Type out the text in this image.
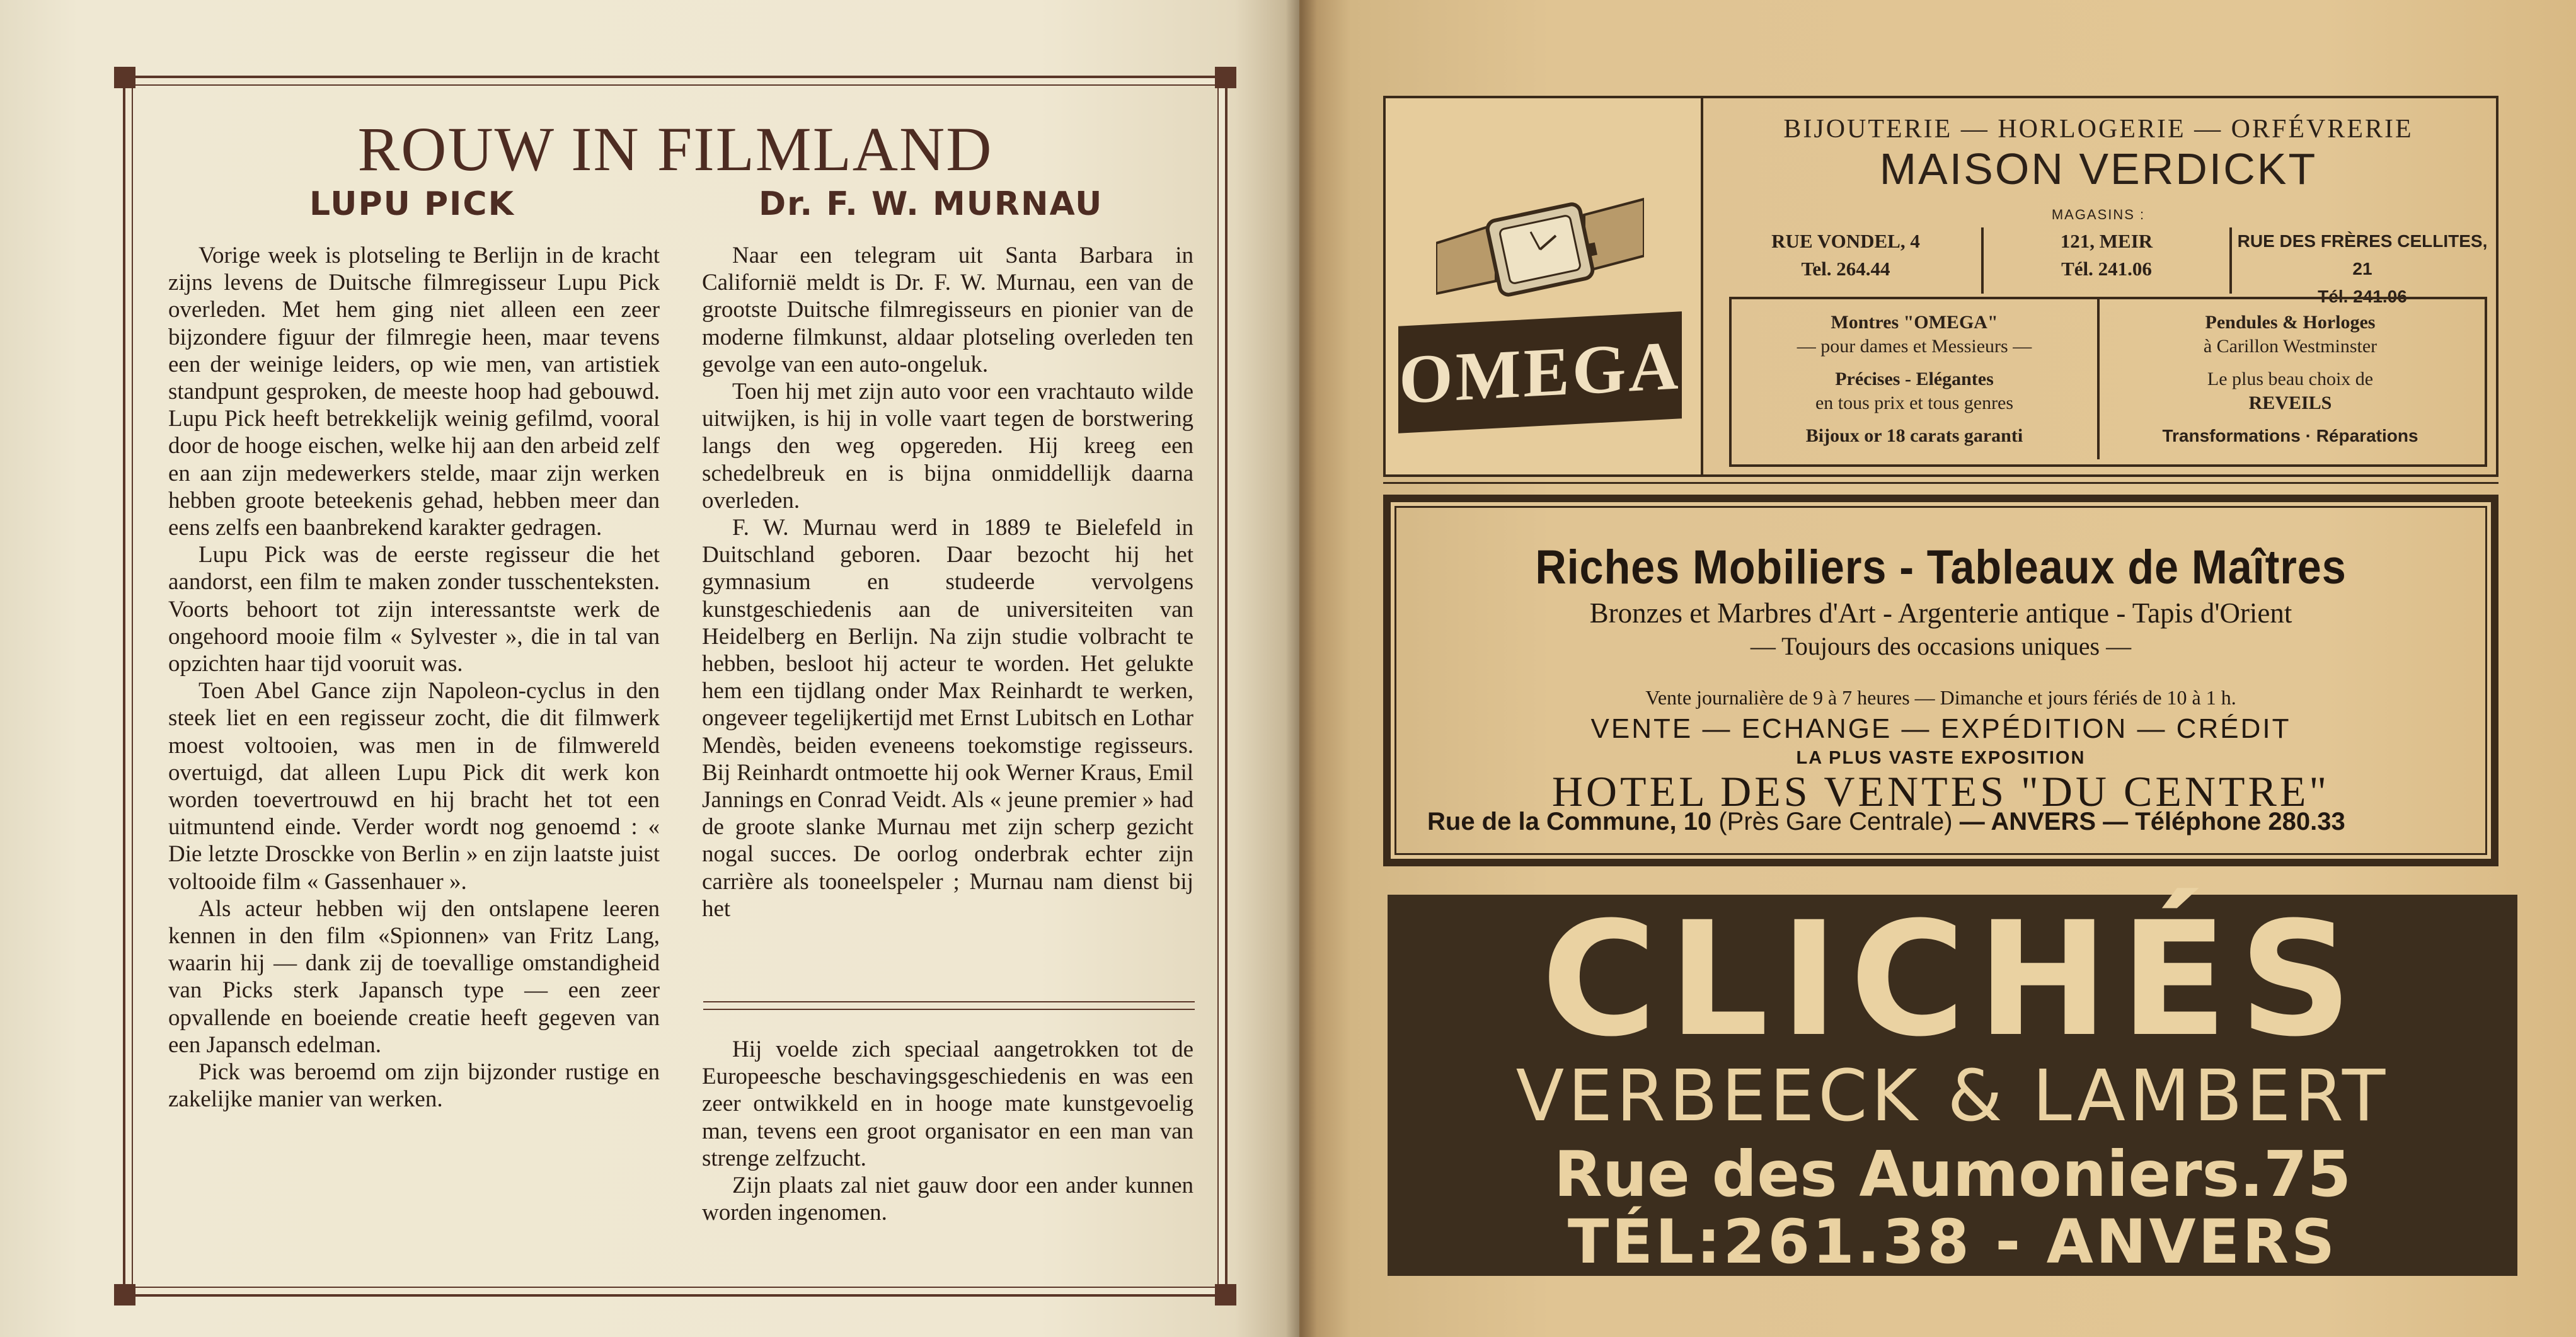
ROUW IN FILMLAND
LUPU PICK	Dr. F. W. MURNAU

Vorige week is plotseling te Berlijn in de kracht zijns levens de Duitsche filmregisseur Lupu Pick overleden. Met hem ging niet alleen een zeer bijzondere figuur der filmregie heen, maar tevens een der weinige leiders, op wie men, van artistiek standpunt gesproken, de meeste hoop had gebouwd. Lupu Pick heeft betrekkelijk weinig gefilmd, vooral door de hooge eischen, welke hij aan den arbeid zelf en aan zijn medewerkers stelde, maar zijn werken hebben groote beteekenis gehad, hebben meer dan eens zelfs een baanbrekend karakter gedragen.

Lupu Pick was de eerste regisseur die het aandorst, een film te maken zonder tusschenteksten. Voorts behoort tot zijn interessantste werk de ongehoord mooie film « Sylvester », die in tal van opzichten haar tijd vooruit was.

Toen Abel Gance zijn Napoleon-cyclus in den steek liet en een regisseur zocht, die dit filmwerk moest voltooien, was men in de filmwereld overtuigd, dat alleen Lupu Pick dit werk kon worden toevertrouwd en hij bracht het tot een uitmuntend einde. Verder wordt nog genoemd : « Die letzte Drosckke von Berlin » en zijn laatste juist voltooide film « Gassenhauer ».

Als acteur hebben wij den ontslapene leeren kennen in den film «Spionnen» van Fritz Lang, waarin hij — dank zij de toevallige omstandigheid van Picks sterk Japansch type — een zeer opvallende en boeiende creatie heeft gegeven van een Japansch edelman.

Pick was beroemd om zijn bijzonder rustige en zakelijke manier van werken.

Naar een telegram uit Santa Barbara in Californië meldt is Dr. F. W. Murnau, een van de grootste Duitsche filmregisseurs en pionier van de moderne filmkunst, aldaar plotseling overleden ten gevolge van een auto-ongeluk.

Toen hij met zijn auto voor een vrachtauto wilde uitwijken, is hij in volle vaart tegen de borstwering langs den weg opgereden. Hij kreeg een schedelbreuk en is bijna onmiddellijk daarna overleden.

F. W. Murnau werd in 1889 te Bielefeld in Duitschland geboren. Daar bezocht hij het gymnasium en studeerde vervolgens kunstgeschiedenis aan de universiteiten van Heidelberg en Berlijn. Na zijn studie volbracht te hebben, besloot hij acteur te worden. Het gelukte hem een tijdlang onder Max Reinhardt te werken, ongeveer tegelijkertijd met Ernst Lubitsch en Lothar Mendès, beiden eveneens toekomstige regisseurs. Bij Reinhardt ontmoette hij ook Werner Kraus, Emil Jannings en Conrad Veidt. Als « jeune premier » had de groote slanke Murnau met zijn scherp gezicht nogal succes. De oorlog onderbrak echter zijn carrière als tooneelspeler ; Murnau nam dienst bij het

Hij voelde zich speciaal aangetrokken tot de Europeesche beschavingsgeschiedenis en was een zeer ontwikkeld en in hooge mate kunstgevoelig man, tevens een groot organisator en een man van strenge zelfzucht.

Zijn plaats zal niet gauw door een ander kunnen worden ingenomen.

OMEGA
BIJOUTERIE — HORLOGERIE — ORFÉVRERIE
MAISON VERDICKT
MAGASINS :
RUE VONDEL, 4
Tel. 264.44
121, MEIR
Tél. 241.06
RUE DES FRÈRES CELLITES, 21
Tél. 241.06
Montres "OMEGA"
— pour dames et Messieurs —
Précises - Elégantes
en tous prix et tous genres
Bijoux or 18 carats garanti
Pendules & Horloges
à Carillon Westminster
Le plus beau choix de
REVEILS
Transformations · Réparations
Riches Mobiliers - Tableaux de Maîtres
Bronzes et Marbres d'Art - Argenterie antique - Tapis d'Orient
— Toujours des occasions uniques —
Vente journalière de 9 à 7 heures — Dimanche et jours fériés de 10 à 1 h.
VENTE — ECHANGE — EXPÉDITION — CRÉDIT
LA PLUS VASTE EXPOSITION
HOTEL DES VENTES "DU CENTRE"
Rue de la Commune, 10 (Près Gare Centrale) — ANVERS — Téléphone 280.33
CLICHÉS
VERBEECK & LAMBERT
Rue des Aumoniers.75
TÉL:261.38 - ANVERS
